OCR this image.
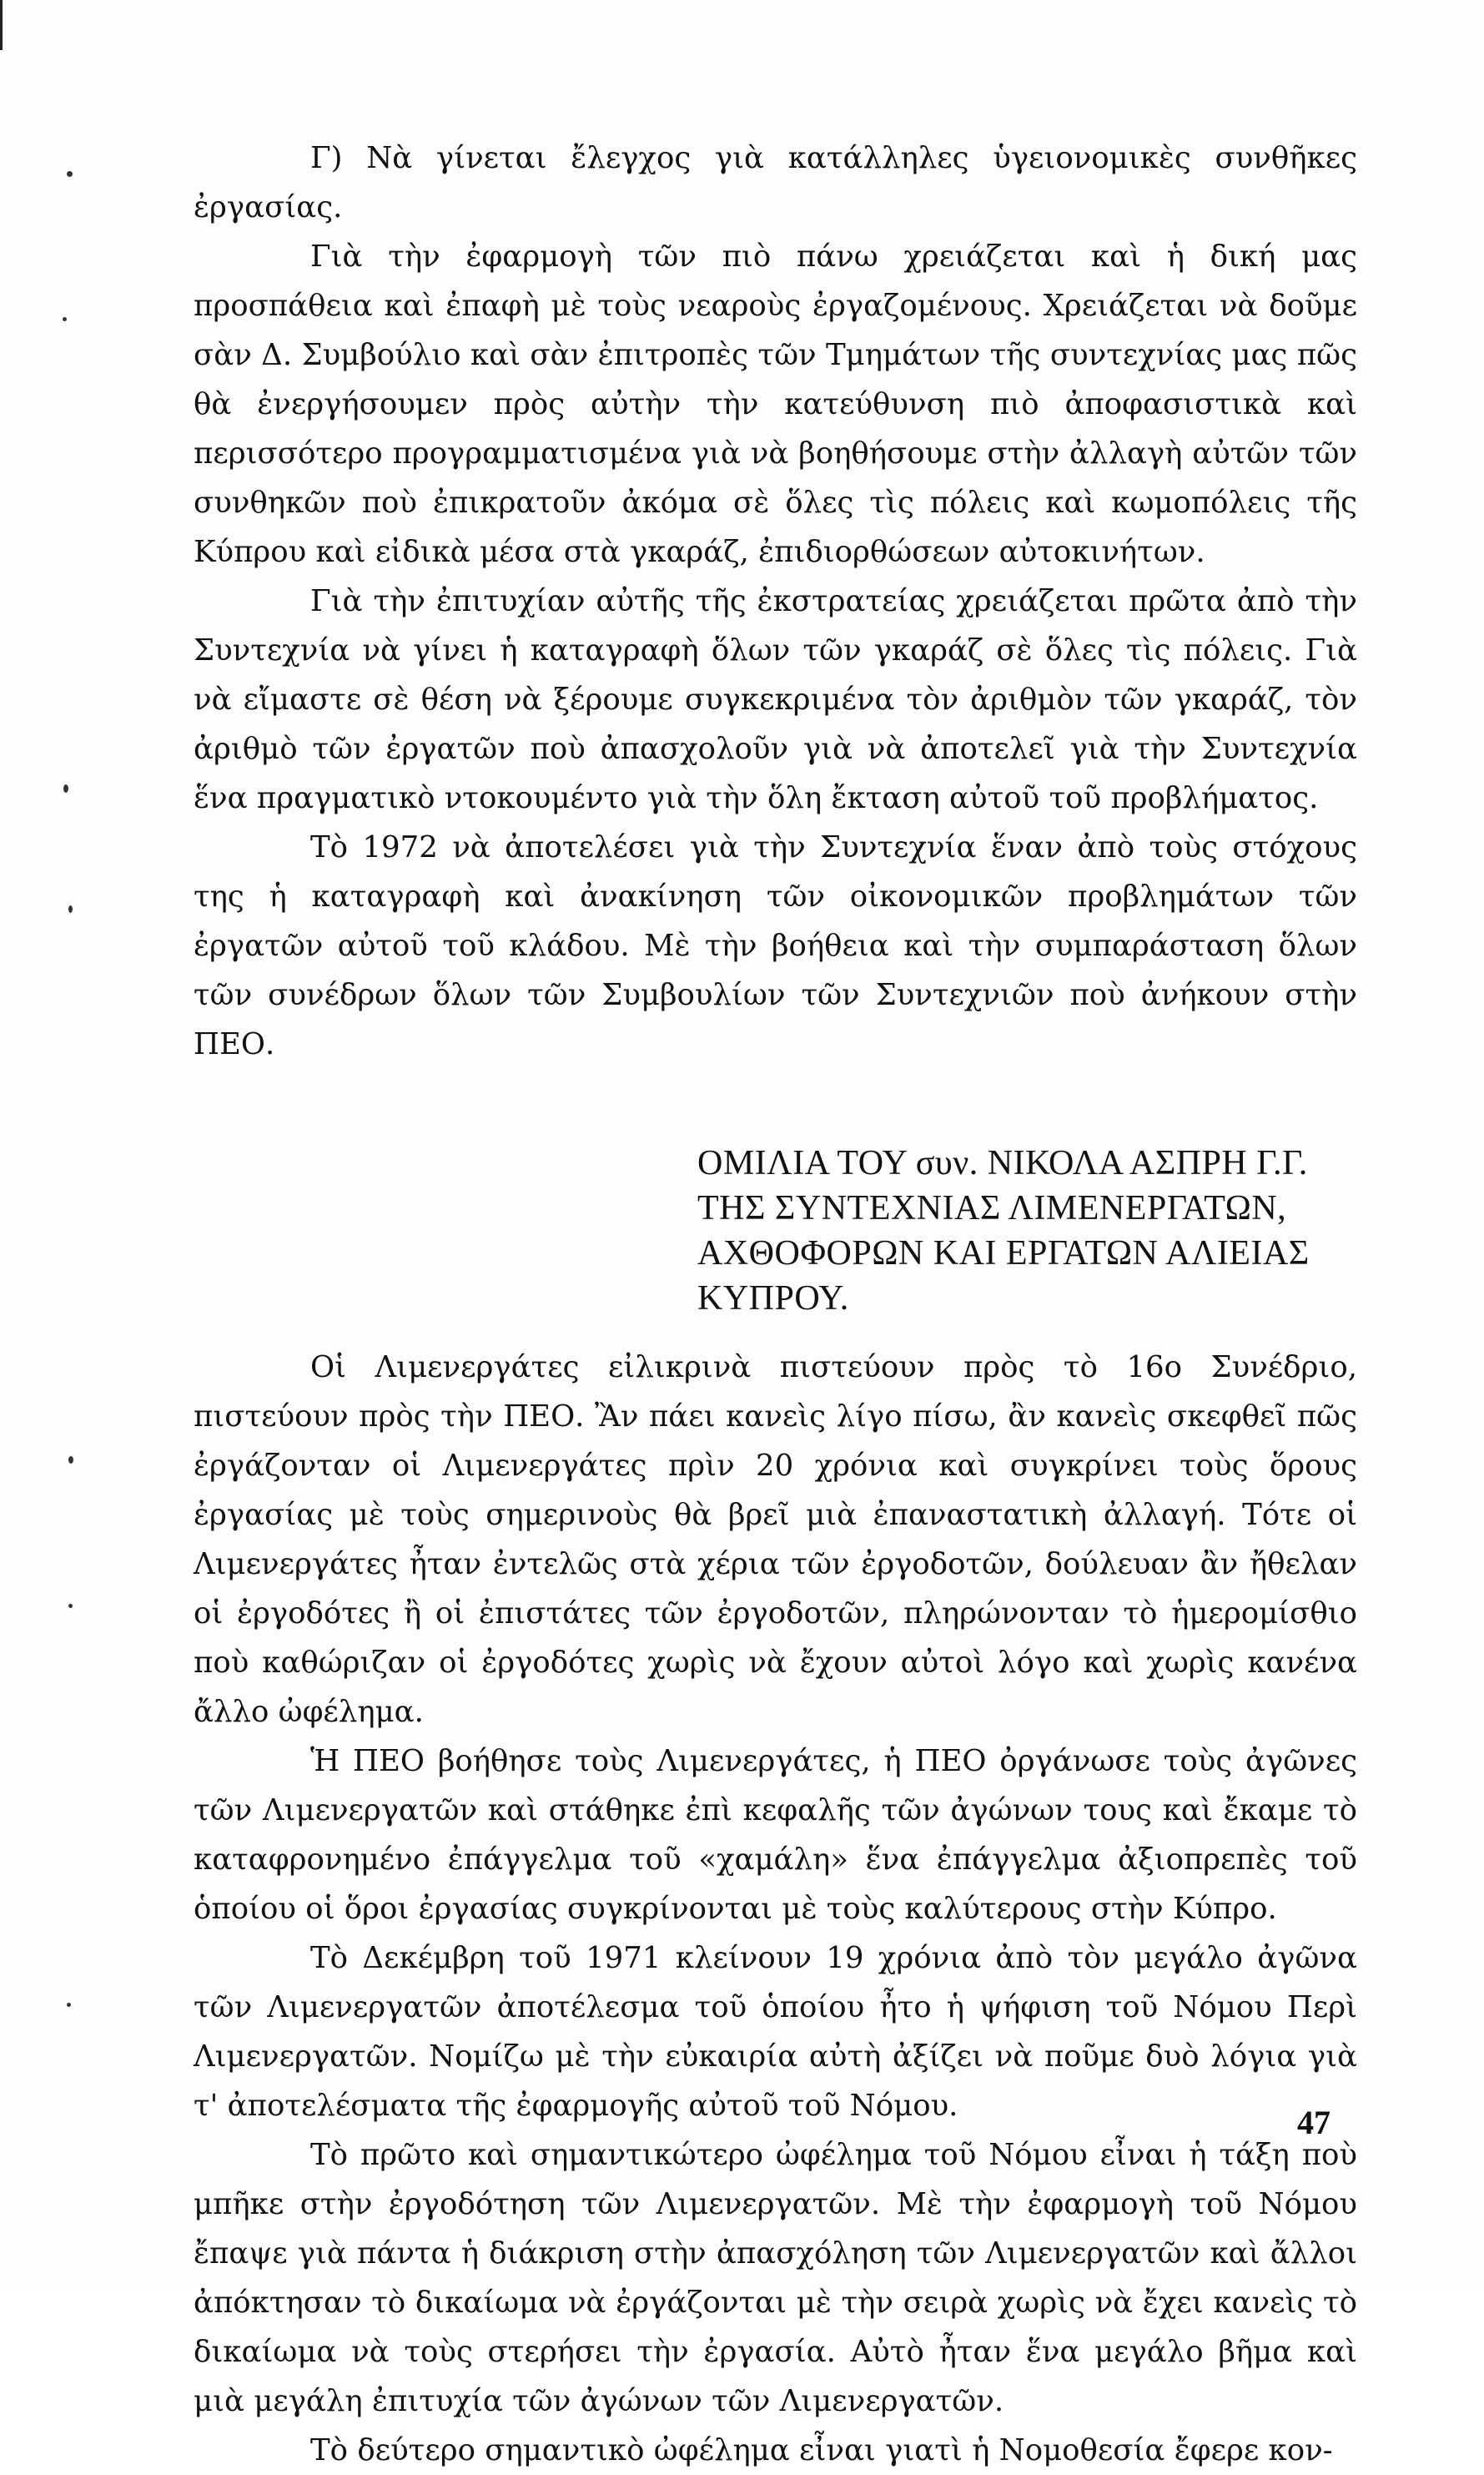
Γ) Νὰ γίνεται ἔλεγχος γιὰ κατάλληλες ὑγειονομικὲς συνθῆκες ἐργασίας.

Γιὰ τὴν ἐφαρμογὴ τῶν πιὸ πάνω χρειάζεται καὶ ἡ δική μας προσπάθεια καὶ ἐπαφὴ μὲ τοὺς νεαροὺς ἐργαζομένους. Χρειάζεται νὰ δοῦμε σὰν Δ. Συμβούλιο καὶ σὰν ἐπιτροπὲς τῶν Τμημάτων τῆς συντεχνίας μας πῶς θὰ ἐνεργήσουμεν πρὸς αὐτὴν τὴν κατεύθυνση πιὸ ἀποφασιστικὰ καὶ περισσότερο προγραμματισμένα γιὰ νὰ βοηθήσουμε στὴν ἀλλαγὴ αὐτῶν τῶν συνθηκῶν ποὺ ἐπικρατοῦν ἀκόμα σὲ ὅλες τὶς πόλεις καὶ κωμοπόλεις τῆς Κύπρου καὶ εἰδικὰ μέσα στὰ γκαράζ, ἐπιδιορθώσεων αὐτοκινήτων.

Γιὰ τὴν ἐπιτυχίαν αὐτῆς τῆς ἐκστρατείας χρειάζεται πρῶτα ἀπὸ τὴν Συντεχνία νὰ γίνει ἡ καταγραφὴ ὅλων τῶν γκαράζ σὲ ὅλες τὶς πόλεις. Γιὰ νὰ εἴμαστε σὲ θέση νὰ ξέρουμε συγκεκριμένα τὸν ἀριθμὸν τῶν γκαράζ, τὸν ἀριθμὸ τῶν ἐργατῶν ποὺ ἀπασχολοῦν γιὰ νὰ ἀποτελεῖ γιὰ τὴν Συντεχνία ἕνα πραγματικὸ ντοκουμέντο γιὰ τὴν ὅλη ἔκταση αὐτοῦ τοῦ προβλήματος.

Τὸ 1972 νὰ ἀποτελέσει γιὰ τὴν Συντεχνία ἕναν ἀπὸ τοὺς στόχους της ἡ καταγραφὴ καὶ ἀνακίνηση τῶν οἰκονομικῶν προβλημάτων τῶν ἐργατῶν αὐτοῦ τοῦ κλάδου. Μὲ τὴν βοήθεια καὶ τὴν συμπαράσταση ὅλων τῶν συνέδρων ὅλων τῶν Συμβουλίων τῶν Συντεχνιῶν ποὺ ἀνήκουν στὴν ΠΕΟ.

ΟΜΙΛΙΑ ΤΟΥ συν. ΝΙΚΟΛΑ ΑΣΠΡΗ Γ.Γ. ΤΗΣ ΣΥΝΤΕΧΝΙΑΣ ΛΙΜΕΝΕΡΓΑΤΩΝ, ΑΧΘΟΦΟΡΩΝ ΚΑΙ ΕΡΓΑΤΩΝ ΑΛΙΕΙΑΣ ΚΥΠΡΟΥ.

Οἱ Λιμενεργάτες εἰλικρινὰ πιστεύουν πρὸς τὸ 16ο Συνέδριο, πιστεύουν πρὸς τὴν ΠΕΟ. Ἂν πάει κανεὶς λίγο πίσω, ἂν κανεὶς σκεφθεῖ πῶς ἐργάζονταν οἱ Λιμενεργάτες πρὶν 20 χρόνια καὶ συγκρίνει τοὺς ὅρους ἐργασίας μὲ τοὺς σημερινοὺς θὰ βρεῖ μιὰ ἐπαναστατικὴ ἀλλαγή. Τότε οἱ Λιμενεργάτες ἦταν ἐντελῶς στὰ χέρια τῶν ἐργοδοτῶν, δούλευαν ἂν ἤθελαν οἱ ἐργοδότες ἢ οἱ ἐπιστάτες τῶν ἐργοδοτῶν, πληρώνονταν τὸ ἡμερομίσθιο ποὺ καθώριζαν οἱ ἐργοδότες χωρὶς νὰ ἔχουν αὐτοὶ λόγο καὶ χωρὶς κανένα ἄλλο ὠφέλημα.

Ἡ ΠΕΟ βοήθησε τοὺς Λιμενεργάτες, ἡ ΠΕΟ ὀργάνωσε τοὺς ἀγῶνες τῶν Λιμενεργατῶν καὶ στάθηκε ἐπὶ κεφαλῆς τῶν ἀγώνων τους καὶ ἔκαμε τὸ καταφρονημένο ἐπάγγελμα τοῦ «χαμάλη» ἕνα ἐπάγγελμα ἀξιοπρεπὲς τοῦ ὁποίου οἱ ὅροι ἐργασίας συγκρίνονται μὲ τοὺς καλύτερους στὴν Κύπρο.

Τὸ Δεκέμβρη τοῦ 1971 κλείνουν 19 χρόνια ἀπὸ τὸν μεγάλο ἀγῶνα τῶν Λιμενεργατῶν ἀποτέλεσμα τοῦ ὁποίου ἦτο ἡ ψήφιση τοῦ Νόμου Περὶ Λιμενεργατῶν. Νομίζω μὲ τὴν εὐκαιρία αὐτὴ ἀξίζει νὰ ποῦμε δυὸ λόγια γιὰ τ' ἀποτελέσματα τῆς ἐφαρμογῆς αὐτοῦ τοῦ Νόμου.

Τὸ πρῶτο καὶ σημαντικώτερο ὠφέλημα τοῦ Νόμου εἶναι ἡ τάξη ποὺ μπῆκε στὴν ἐργοδότηση τῶν Λιμενεργατῶν. Μὲ τὴν ἐφαρμογὴ τοῦ Νόμου ἔπαψε γιὰ πάντα ἡ διάκριση στὴν ἀπασχόληση τῶν Λιμενεργατῶν καὶ ἄλλοι ἀπόκτησαν τὸ δικαίωμα νὰ ἐργάζονται μὲ τὴν σειρὰ χωρὶς νὰ ἔχει κανεὶς τὸ δικαίωμα νὰ τοὺς στερήσει τὴν ἐργασία. Αὐτὸ ἦταν ἕνα μεγάλο βῆμα καὶ μιὰ μεγάλη ἐπιτυχία τῶν ἀγώνων τῶν Λιμενεργατῶν.

Τὸ δεύτερο σημαντικὸ ὠφέλημα εἶναι γιατὶ ἡ Νομοθεσία ἔφερε κον-

47
